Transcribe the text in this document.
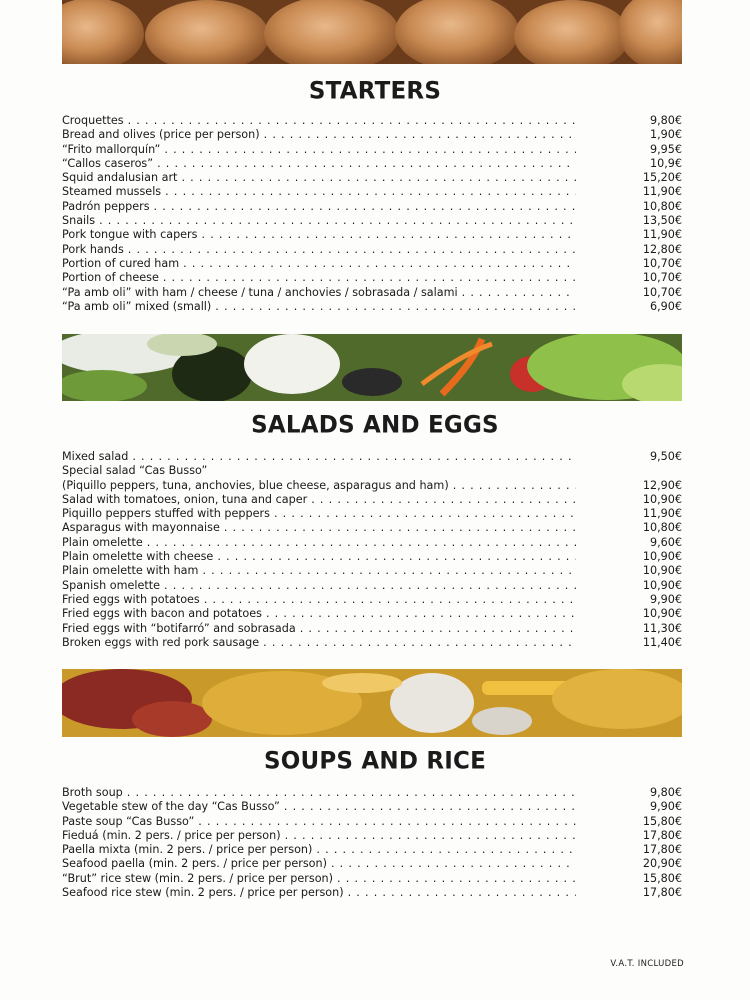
STARTERS
Croquettes . . .	9,80€
Bread and olives (price per person) . . .	1,90€
“Frito mallorquín” . . .	9,95€
“Callos caseros” . . .	10,9€
Squid andalusian art . . .	15,20€
Steamed mussels . . .	11,90€
Padrón peppers . . .	10,80€
Snails . . .	13,50€
Pork tongue with capers . . .	11,90€
Pork hands . . .	12,80€
Portion of cured ham . . .	10,70€
Portion of cheese . . .	10,70€
“Pa amb oli” with ham / cheese / tuna / anchovies / sobrasada / salami . . .	10,70€
“Pa amb oli” mixed (small) . . .	6,90€
SALADS AND EGGS
Mixed salad . . .	9,50€
Special salad “Cas Busso”
(Piquillo peppers, tuna, anchovies, blue cheese, asparagus and ham) . . .	12,90€
Salad with tomatoes, onion, tuna and caper . . .	10,90€
Piquillo peppers stuffed with peppers . . .	11,90€
Asparagus with mayonnaise . . .	10,80€
Plain omelette . . .	9,60€
Plain omelette with cheese . . .	10,90€
Plain omelette with ham . . .	10,90€
Spanish omelette . . .	10,90€
Fried eggs with potatoes . . .	9,90€
Fried eggs with bacon and potatoes . . .	10,90€
Fried eggs with “botifarró” and sobrasada . . .	11,30€
Broken eggs with red pork sausage . . .	11,40€
SOUPS AND RICE
Broth soup . . .	9,80€
Vegetable stew of the day “Cas Busso” . . .	9,90€
Paste soup “Cas Busso” . . .	15,80€
Fieduá (min. 2 pers. / price per person) . . .	17,80€
Paella mixta (min. 2 pers. / price per person) . . .	17,80€
Seafood paella (min. 2 pers. / price per person) . . .	20,90€
“Brut” rice stew (min. 2 pers. / price per person) . . .	15,80€
Seafood rice stew (min. 2 pers. / price per person) . . .	17,80€
V.A.T. INCLUDED
